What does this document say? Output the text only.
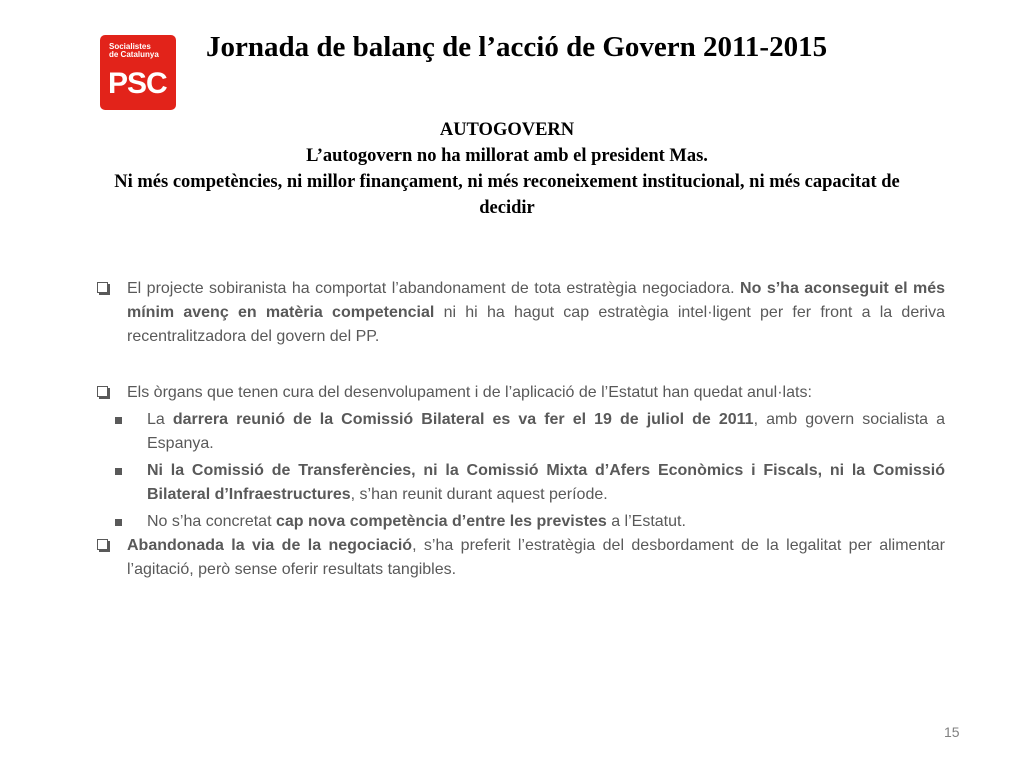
Socialistes
de Catalunya
PSC
Jornada de balanç de l’acció de Govern 2011-2015
AUTOGOVERN
L’autogovern no ha millorat amb el president Mas.
Ni més competències, ni millor finançament, ni més reconeixement institucional, ni més capacitat de decidir
El projecte sobiranista ha comportat l’abandonament de tota estratègia negociadora. No s’ha aconseguit el més mínim avenç en matèria competencial ni hi ha hagut cap estratègia intel·ligent per fer front a la deriva recentralitzadora del govern del PP.
Els òrgans que tenen cura del desenvolupament i de l’aplicació de l’Estatut han quedat anul·lats:
La darrera reunió de la Comissió Bilateral es va fer el 19 de juliol de 2011, amb govern socialista a Espanya.
Ni la Comissió de Transferències, ni la Comissió Mixta d’Afers Econòmics i Fiscals, ni la Comissió Bilateral d’Infraestructures, s’han reunit durant aquest període.
No s’ha concretat cap nova competència d’entre les previstes a l’Estatut.
Abandonada la via de la negociació, s’ha preferit l’estratègia del desbordament de la legalitat per alimentar l’agitació, però sense oferir resultats tangibles.
15
